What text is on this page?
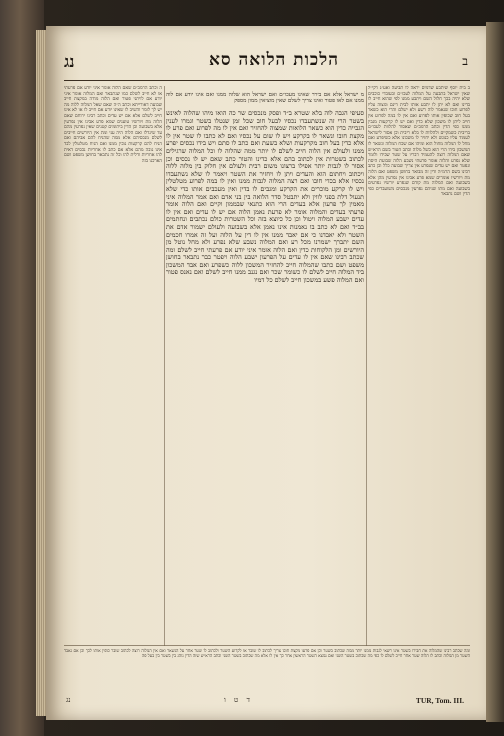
נג	הלכות הלואה סא	ב

ה וכתב הרמב״ם שאם הלוה אומר איני יודע אם פרעתי או לא חייב לשלם כמו שנתבאר ואם המלוה אומר איני יודע אם לויתני פטור ואם הלוה מודה במקצת חייב שבועה דאורייתא וכתב ה״ה שאם שאל המלוה ללוה מה יש לך לומר והשיב לו שאינו יודע אם חייב לו או לא אינו חייב לשלם אלא אם יש עדים וכתב רבינו ירוחם שאם הלוה מת ויורשיו טוענים שמא פרע אבינו אין נפרעין אלא בשבועה וכן הדין ביתומים קטנים שאין נפרעין מהם עד שיגדלו ואם הלוה היה עני ומת אין היורשים חייבים לשלם מנכסיהם אלא ממה שהניח להם אביהם ואם הניח להם קרקעות גובין ממנו ואם הניח מטלטלין לבד אינו גובה מהם אלא אם כתב לו אחריות נכסים דאית להו אחריות ודלית להו וכל זה נתבאר בחושן משפט ושם הארכנו בזה

מ ישראל אלא אם בירר שאינו מעכו״ם ואם ישראל הוא שלוה ממנו ואם אינו יודע אם לוה ממנו אם לאו פטור ואינו צריך לשלם שאין מוציאין ממון מספק

סעיפי הגבה לוה בלא שטרא ב״ד ופסק מנכסים שר כה הואו מיהו שהלוה לאינש בשטר הרי זה שנשתעבדו נכסיו לבעל חוב שכל זמן שנטלו בשטר וגמרו לענין הגבייה כדין הוא כשאר הלואות שמצוה להחזיר ואם אין לו מה לפרוע ואם פרע לו מקצת חובו ונשאר לו בקרקע ויש לו שום על נכסיו ואם לא כתבו לו שטר אין לו אלא כדין בעל חוב מקרקעות ושלא בשעת ואם כתב לו סתם ויש בידו נכסים יפרע ממנו ולעולם אין הלוה חייב לשלם לו יותר ממה שהלוה לו וכל המלוה שרגילים לכתוב בשטרות אין לכתוב בהם אלא כדינו והטור כתב שאם יש לו נכסים וכן אסור לו לגבות יותר אפילו ברצונו משום רבית ולעולם אין חלוק בין מלוה ללוה ויכתוב ויחתום הוא והעדים ויתן לו ויחזיר את השטר ויאמר לו שלא נשתעבדו נכסיו אלא בכדי חובו ואם רצה המלוה לגבות ממנו ואין לו במה לפרוע מטלטלין ויש לו קרקע מוכרים את הקרקע ומגבים לו בדין ואין מעכבים אותו כדי שלא תנעול דלת בפני לווין ולא יתבטל סדר הלואה בין בני אדם ואם אמר המלוה איני מאמין לך פרעון אלא בעדים הרי הוא כתנאי שבממון וקיים ואם הלוה אומר פרעתי בעדים והמלוה אומר לא פרעת נאמן הלוה אם יש לו עדים ואם אין לו עדים ישבע המלוה ויטול וכן כל כיוצא בזה וכל השטרות כולם נכתבים ונחתמים בב״ד ואם לא כתב בו נאמנות אינו נאמן אלא בשבועה ולעולם ישמור אדם את השטר ולא יאבדנו כי אם יאבד ממנו אין לו דין על הלוה ועל זה אמרו חכמים השם יתברך ישמרנו מכל רע ואם המלוה נשבע שלא נפרע ולא מחל נוטל מן היורשים ומן הלקוחות כדין ואם הלוה אומר איני יודע אם פרעתי חייב לשלם ומה שכתב רבינו שאם אין לו עדים על הפרעון ישבע הלוה ויפטר כבר נתבאר בחושן משפט ושם כתבו שהמלוה חייב להחזיר המשכון ללוה כשפרע ואם אבד המשכון ביד המלוה חייב לשלם לו כשומר שכר ואם נגנב ממנו חייב לשלם ואם נאנס פטור ואם המלוה פשע במשכון חייב לשלם כל דמיו

ב בית יוסף שיתבע שדמים יראה לו תביעה ואע״ג דקי״ל שאין ישראל בתבעה על המלוה לעכו״ם ובעובדי כוכבים שלא יהיה בכך חלול השם ויתבע ממנו לפי שהוא חייב לו בדינו ואם לא יתן לו יתבע אותו לבית דינם ומצוה עליו לפרוע חובו שנאמר לוה רשע ולא ישלם והרי הוא כשאר בעל חוב שכופין אותו לפרוע ואם אין לו במה לפרוע אין חייב ליתן לו משכון שלא כדין ואם יש לו קרקעות מגבין ממנו כפי הדין וכתב הרמב״ם שאסור להלוות לעכו״ם בריבית כשמקיים ולהלוות לו בלא ריבית וכן אסור לישראל לעמוד עליו כנוגש ולא יחזיר לו משכונו אלא כשיפרע ואם מחל לו המלוה מחול הוא ומיהו אם שכח המלוה ונשאר לו המשכון בידו הרי הוא כשל מלוה וכתב הטור בשם הרא״ש שאם המלוה רוצה להעמיד דבריו על שטר שבידו ולומר שלא נפרע והלוה אומר פרעתי נשבע הלוה שבועת היסת ונפטר ואם יש עדים שנפרע אין צריך שבועה כלל וכן כתב רבינו בשם הרמ״ה ודין זה מבואר בחושן משפט ואם הלוה מת ויורשיו אומרים שמא פרע אבינו אין נפרעין מהן אלא בשבועה ואם המלוה מת קודם שנפרע יורשיו נפרעים בשבועה ואם מתו שניהם נפרעין מנכסים משועבדים כפי הדין ושם נתבאר

ומה שכתב רבינו שהמלוה את חבירו בשטר אינו רשאי לגבות ממנו יותר ממה שכתוב בשטר וכן אם פרעו מקצת חובו צריך לכתוב לו שובר או לקרוע השטר ולכתוב לו שטר אחר על הנשאר ואם אין המלוה רוצה לכתוב שובר כופין אותו לכך וכן אם נאבד השטר מן המלוה וכתב לו הלוה שטר אחר חייב לשלם לו כפי מה שכתוב בשטר השני ואם נמצא השטר הראשון אחר כך אין לו אלא מה שכתוב בשטר השני וכתב הרא״ש שזה הדין נוהג בין בשטר בין בעל פה

נג	ד ט ו	TUR, Tom. III.
